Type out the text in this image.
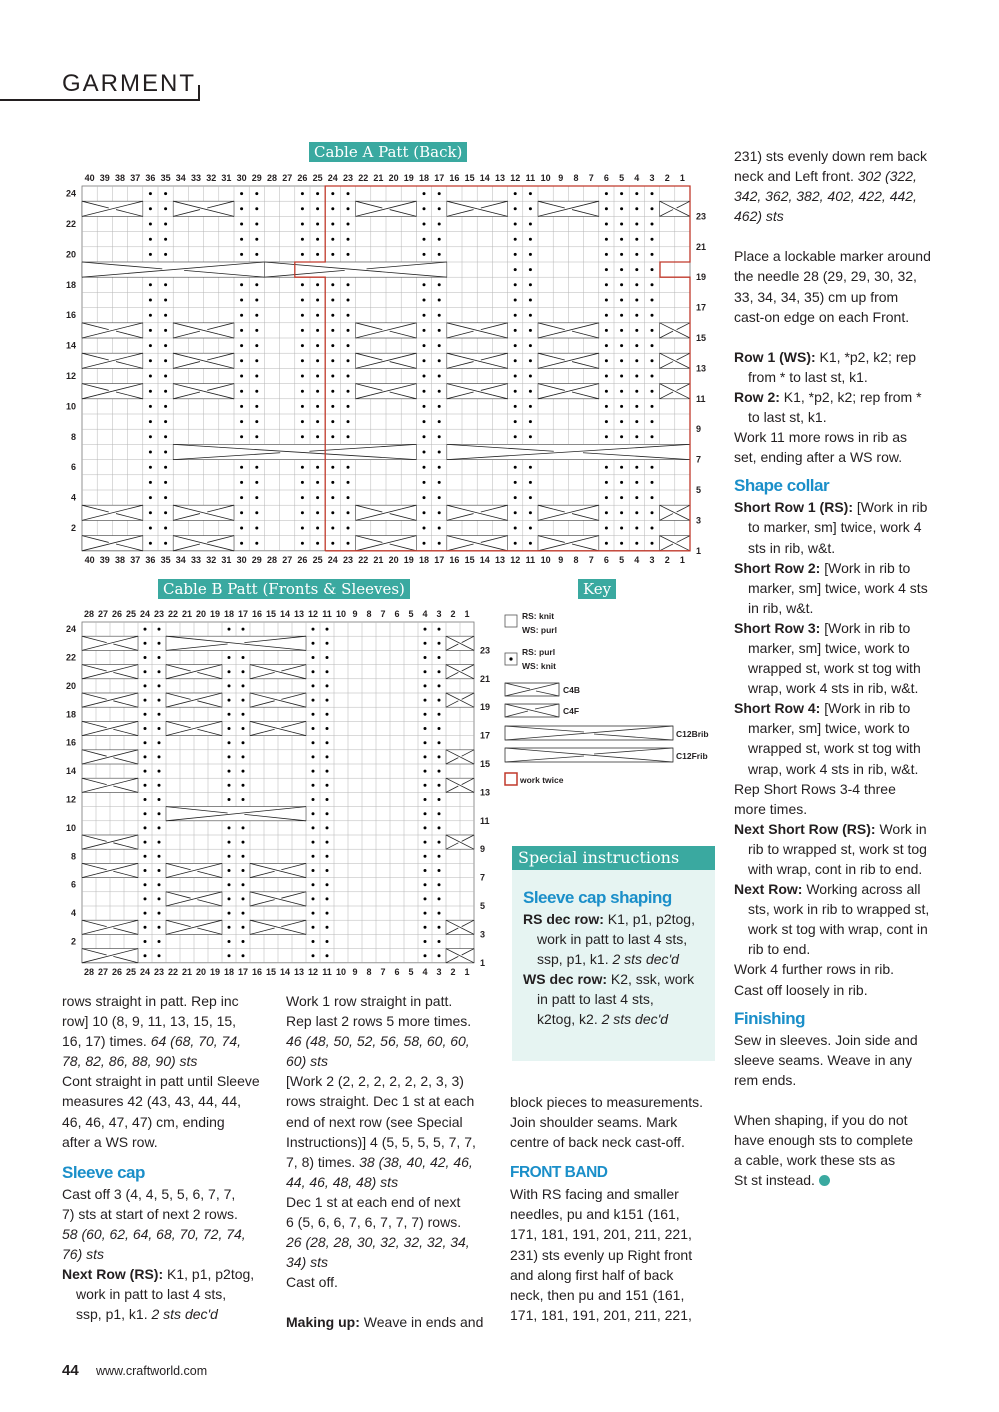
GARMENT
Cable A Patt (Back)
Cable B Patt (Fronts & Sleeves)	Key
1
1
2
2
3
3
4
4
5
5
6
6
7
7
8
8
9
9
10
10
11
11
12
12
13
13
14
14
15
15
16
16
17
17
18
18
19
19
20
20
21
21
22
22
23
23
24
24
25
25
26
26
27
27
28
28
29
29
30
30
31
31
32
32
33
33
34
34
35
35
36
36
37
37
38
38
39
39
40
40
1
2
3
4
5
6
7
8
9
10
11
12
13
14
15
16
17
18
19
20
21
22
23
24
1
1
2
2
3
3
4
4
5
5
6
6
7
7
8
8
9
9
10
10
11
11
12
12
13
13
14
14
15
15
16
16
17
17
18
18
19
19
20
20
21
21
22
22
23
23
24
24
25
25
26
26
27
27
28
28
1
2
3
4
5
6
7
8
9
10
11
12
13
14
15
16
17
18
19
20
21
22
23
24
RS: knit
WS: purl
RS: purl
WS: knit
C4B
C4F
C12Brib
C12Frib
work twice

rows straight in patt. Rep inc

row] 10 (8, 9, 11, 13, 15, 15,

16, 17) times. 64 (68, 70, 74,

78, 82, 86, 88, 90) sts

Cont straight in patt until Sleeve

measures 42 (43, 43, 44, 44,

46, 46, 47, 47) cm, ending

after a WS row.

Sleeve cap

Cast off 3 (4, 4, 5, 5, 6, 7, 7,

7) sts at start of next 2 rows.

58 (60, 62, 64, 68, 70, 72, 74,

76) sts

Next Row (RS): K1, p1, p2tog,

work in patt to last 4 sts,

ssp, p1, k1. 2 sts dec'd

Work 1 row straight in patt.

Rep last 2 rows 5 more times.

46 (48, 50, 52, 56, 58, 60, 60,

60) sts

[Work 2 (2, 2, 2, 2, 2, 2, 3, 3)

rows straight. Dec 1 st at each

end of next row (see Special

Instructions)] 4 (5, 5, 5, 5, 7, 7,

7, 8) times. 38 (38, 40, 42, 46,

44, 46, 48, 48) sts

Dec 1 st at each end of next

6 (5, 6, 6, 7, 6, 7, 7, 7) rows.

26 (28, 28, 30, 32, 32, 32, 34,

34) sts

Cast off.

Making up: Weave in ends and

Special instructions

Sleeve cap shaping

RS dec row: K1, p1, p2tog,

work in patt to last 4 sts,

ssp, p1, k1. 2 sts dec'd

WS dec row: K2, ssk, work

in patt to last 4 sts,

k2tog, k2. 2 sts dec'd

block pieces to measurements.

Join shoulder seams. Mark

centre of back neck cast-off.

FRONT BAND

With RS facing and smaller

needles, pu and k151 (161,

171, 181, 191, 201, 211, 221,

231) sts evenly up Right front

and along first half of back

neck, then pu and 151 (161,

171, 181, 191, 201, 211, 221,

231) sts evenly down rem back

neck and Left front. 302 (322,

342, 362, 382, 402, 422, 442,

462) sts

Place a lockable marker around

the needle 28 (29, 29, 30, 32,

33, 34, 34, 35) cm up from

cast-on edge on each Front.

Row 1 (WS): K1, *p2, k2; rep

from * to last st, k1.

Row 2: K1, *p2, k2; rep from *

to last st, k1.

Work 11 more rows in rib as

set, ending after a WS row.

Shape collar

Short Row 1 (RS): [Work in rib

to marker, sm] twice, work 4

sts in rib, w&t.

Short Row 2: [Work in rib to

marker, sm] twice, work 4 sts

in rib, w&t.

Short Row 3: [Work in rib to

marker, sm] twice, work to

wrapped st, work st tog with

wrap, work 4 sts in rib, w&t.

Short Row 4: [Work in rib to

marker, sm] twice, work to

wrapped st, work st tog with

wrap, work 4 sts in rib, w&t.

Rep Short Rows 3-4 three

more times.

Next Short Row (RS): Work in

rib to wrapped st, work st tog

with wrap, cont in rib to end.

Next Row: Working across all

sts, work in rib to wrapped st,

work st tog with wrap, cont in

rib to end.

Work 4 further rows in rib.

Cast off loosely in rib.

Finishing

Sew in sleeves. Join side and

sleeve seams. Weave in any

rem ends.

When shaping, if you do not

have enough sts to complete

a cable, work these sts as

St st instead.

44 www.craftworld.com
